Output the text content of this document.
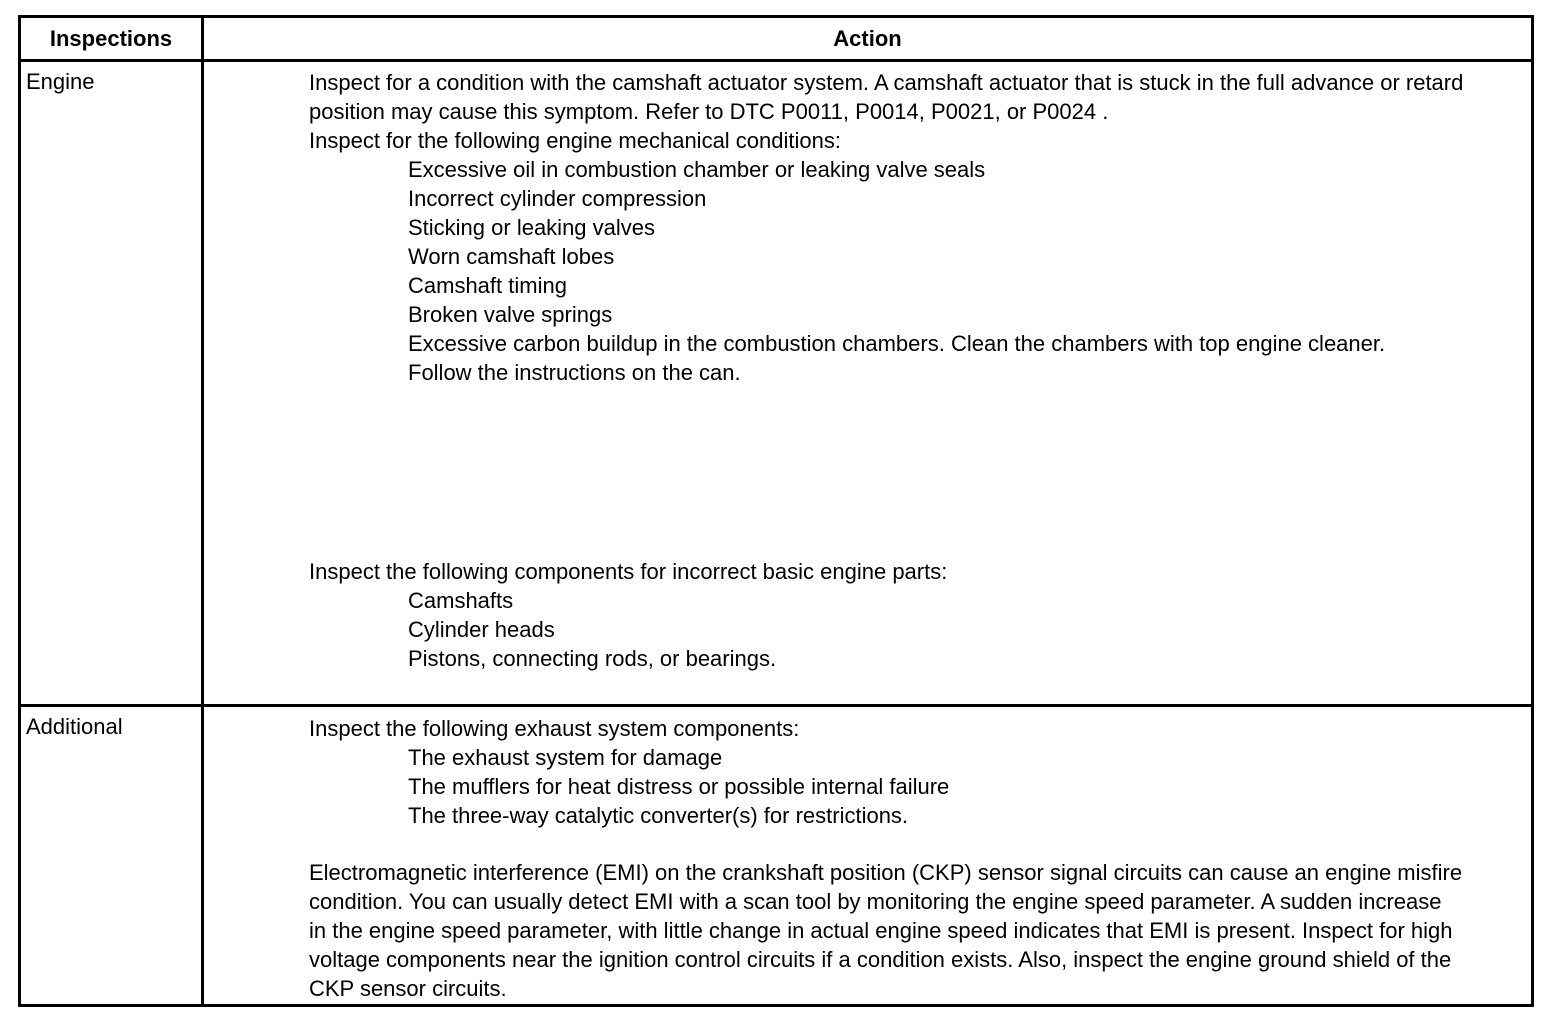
Inspections	Action
Engine	Inspect for a condition with the camshaft actuator system. A camshaft actuator that is stuck in the full advance or retard position may cause this symptom. Refer to DTC P0011, P0014, P0021, or P0024 .

Inspect for the following engine mechanical conditions:

Excessive oil in combustion chamber or leaking valve seals
Incorrect cylinder compression
Sticking or leaking valves
Worn camshaft lobes
Camshaft timing
Broken valve springs
Excessive carbon buildup in the combustion chambers. Clean the chambers with top engine cleaner.
Follow the instructions on the can.

Inspect the following components for incorrect basic engine parts:

Camshafts
Cylinder heads
Pistons, connecting rods, or bearings.
Additional	Inspect the following exhaust system components:

The exhaust system for damage
The mufflers for heat distress or possible internal failure
The three-way catalytic converter(s) for restrictions.

Electromagnetic interference (EMI) on the crankshaft position (CKP) sensor signal circuits can cause an engine misfire condition. You can usually detect EMI with a scan tool by monitoring the engine speed parameter. A sudden increase in the engine speed parameter, with little change in actual engine speed indicates that EMI is present. Inspect for high voltage components near the ignition control circuits if a condition exists. Also, inspect the engine ground shield of the CKP sensor circuits.
